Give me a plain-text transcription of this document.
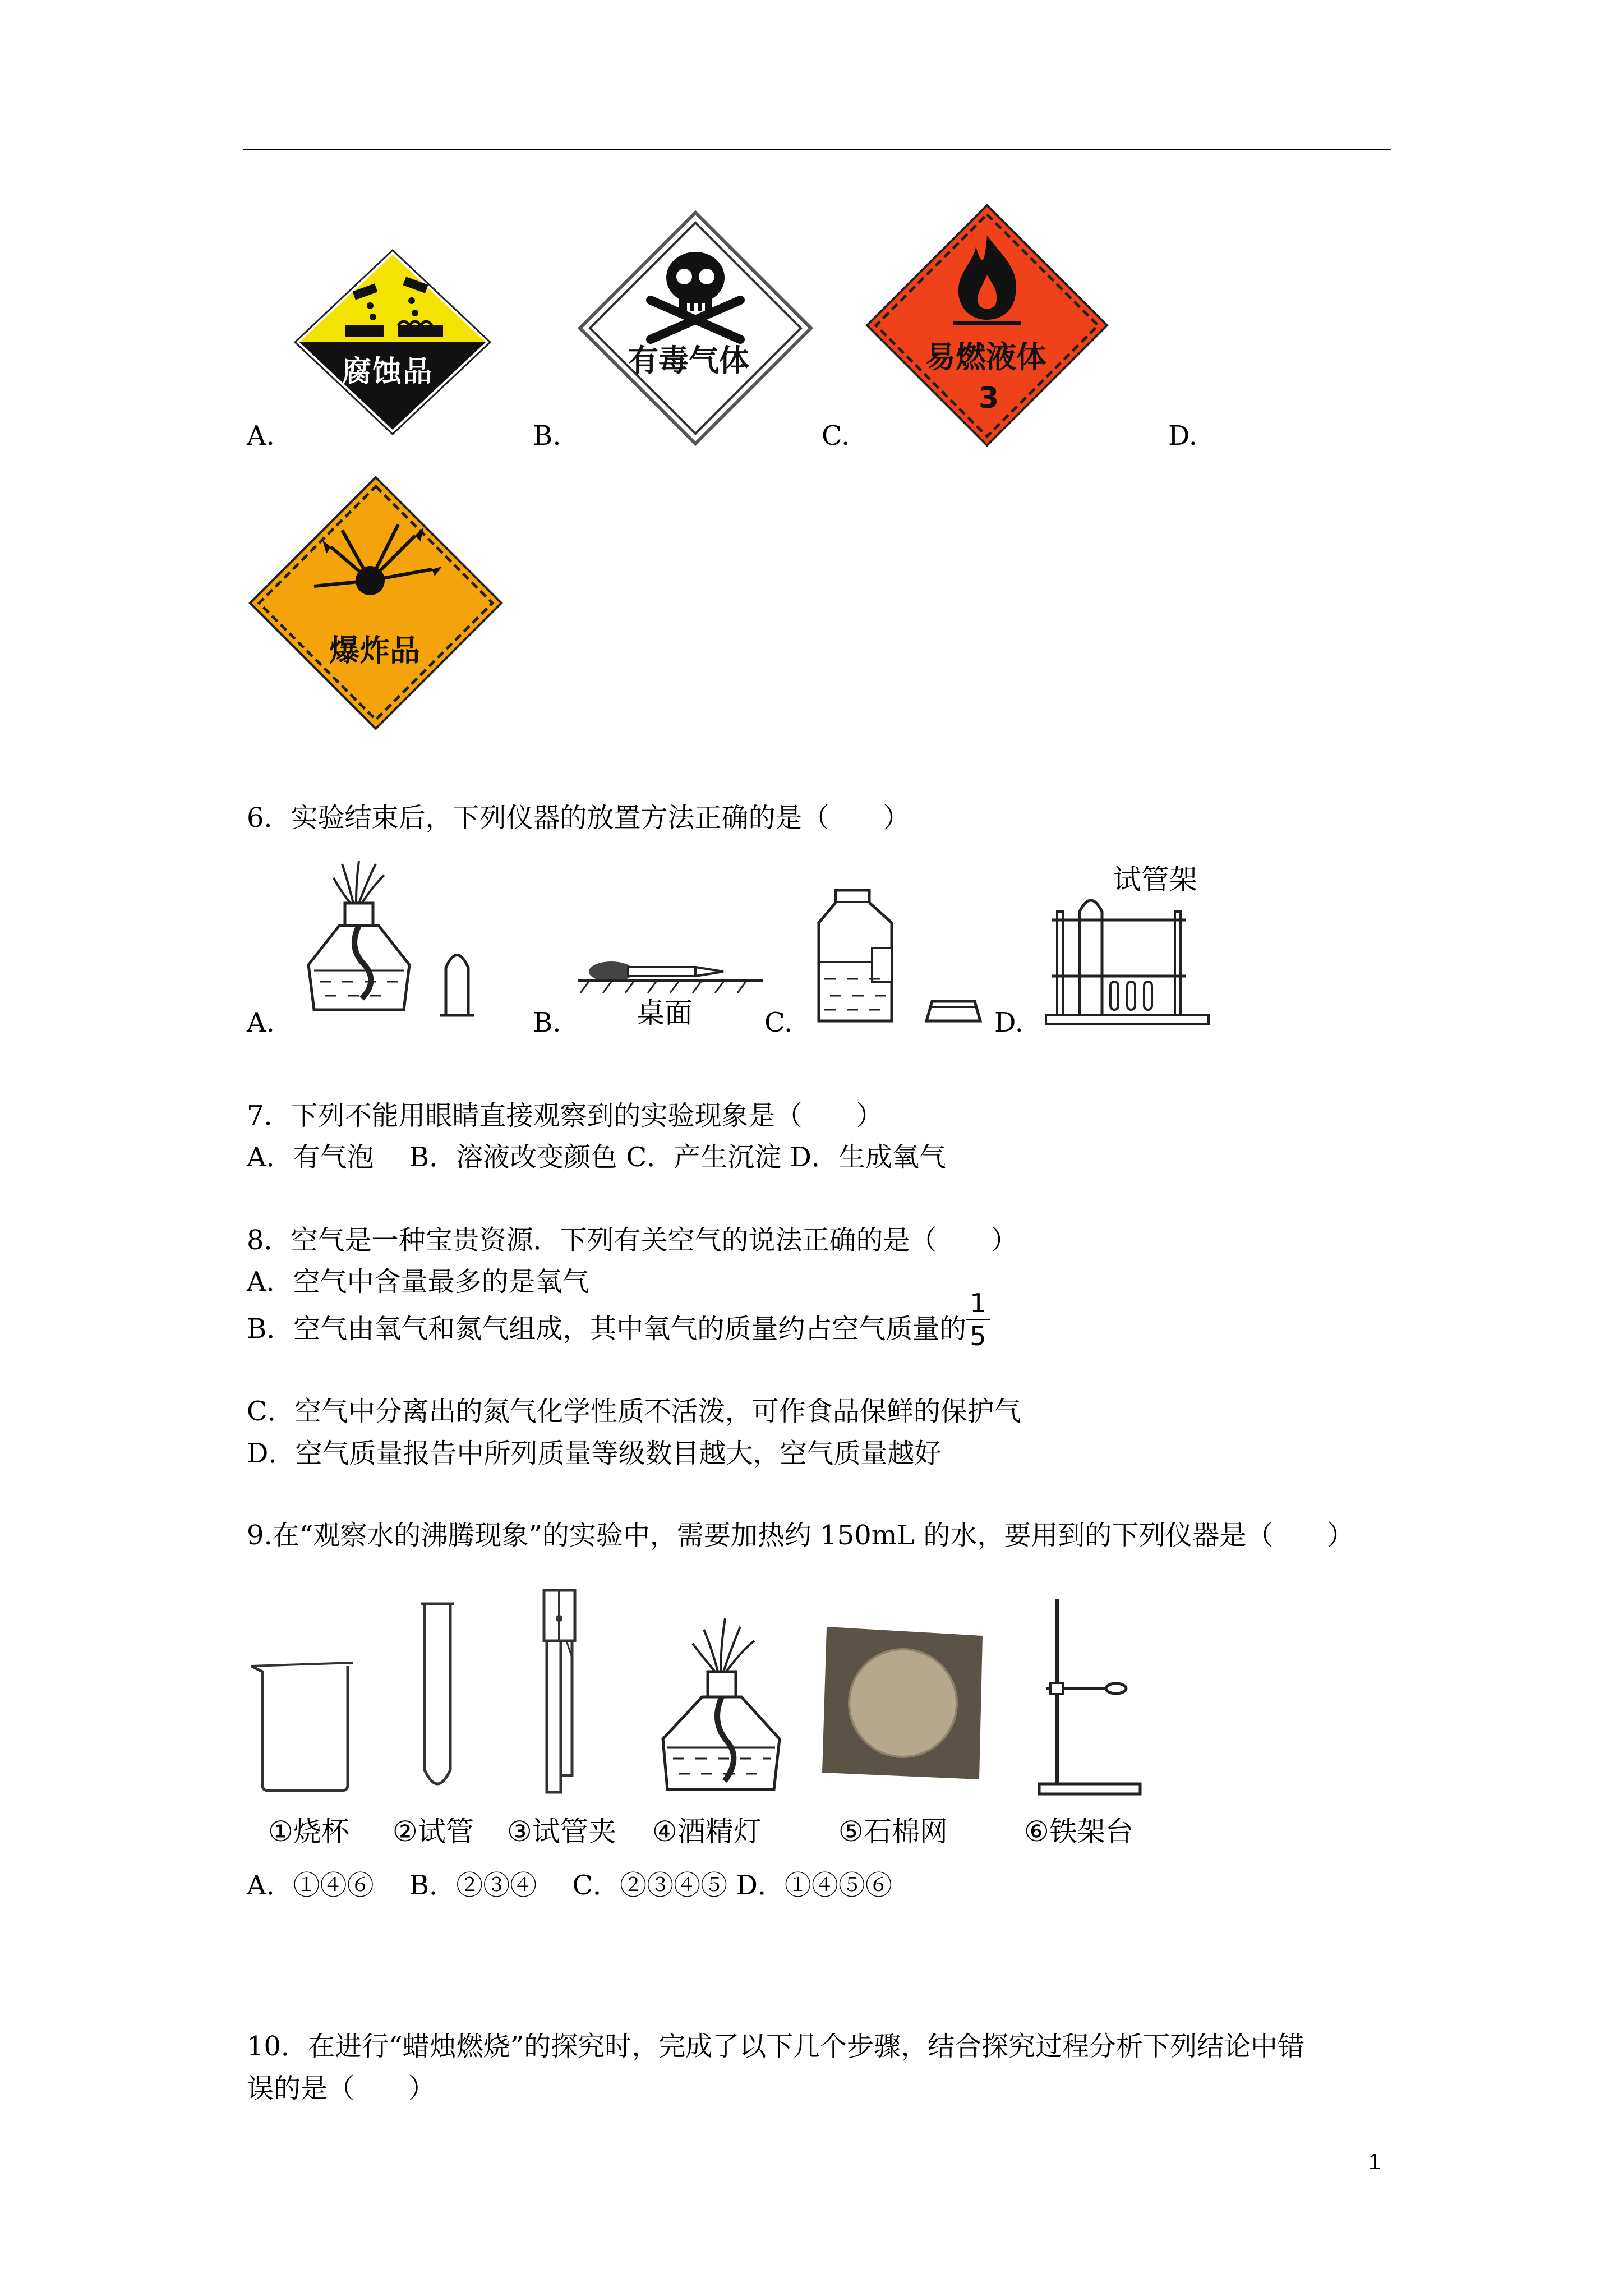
A.	B.	C.	D.
腐蚀品	有毒气体	易燃液体
3
爆炸品
6．实验结束后，下列仪器的放置方法正确的是（　　）
A.	B.	桌面	C.	D.
试管架
7．下列不能用眼睛直接观察到的实验现象是（　　）
A．有气泡　 B．溶液改变颜色 C．产生沉淀 D．生成氧气
8．空气是一种宝贵资源．下列有关空气的说法正确的是（　　）
A．空气中含量最多的是氧气
B．空气由氧气和氮气组成，其中氧气的质量约占空气质量的 $\frac{1}{5}$
C．空气中分离出的氮气化学性质不活泼，可作食品保鲜的保护气
D．空气质量报告中所列质量等级数目越大，空气质量越好
9.在“观察水的沸腾现象”的实验中，需要加热约 150mL 的水，要用到的下列仪器是（　　）
①烧杯 ②试管 ③试管夹 ④酒精灯	⑤石棉网	⑥铁架台
A．①④⑥　 B．②③④　 C．②③④⑤ D．①④⑤⑥
10．在进行“蜡烛燃烧”的探究时，完成了以下几个步骤，结合探究过程分析下列结论中错
误的是（　　）
1
